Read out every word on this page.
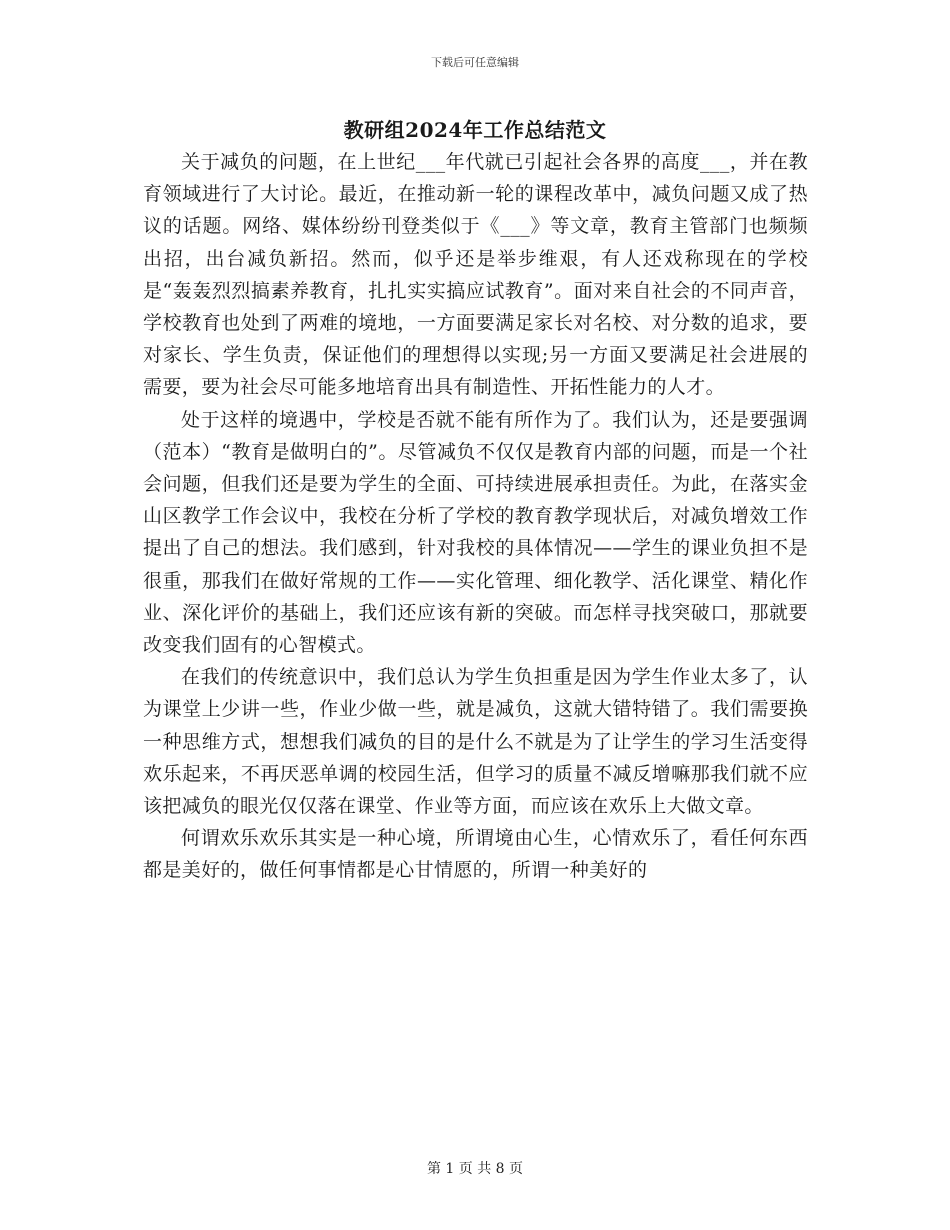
下载后可任意编辑
教研组2024年工作总结范文

关于减负的问题，在上世纪___年代就已引起社会各界的高度___，并在教育领域进行了大讨论。最近，在推动新一轮的课程改革中，减负问题又成了热议的话题。网络、媒体纷纷刊登类似于《___》等文章，教育主管部门也频频出招，出台减负新招。然而，似乎还是举步维艰，有人还戏称现在的学校是“轰轰烈烈搞素养教育，扎扎实实搞应试教育”。面对来自社会的不同声音，学校教育也处到了两难的境地，一方面要满足家长对名校、对分数的追求，要对家长、学生负责，保证他们的理想得以实现;另一方面又要满足社会进展的需要，要为社会尽可能多地培育出具有制造性、开拓性能力的人才。

处于这样的境遇中，学校是否就不能有所作为了。我们认为，还是要强调（范本）“教育是做明白的”。尽管减负不仅仅是教育内部的问题，而是一个社会问题，但我们还是要为学生的全面、可持续进展承担责任。为此，在落实金山区教学工作会议中，我校在分析了学校的教育教学现状后，对减负增效工作提出了自己的想法。我们感到，针对我校的具体情况——学生的课业负担不是很重，那我们在做好常规的工作——实化管理、细化教学、活化课堂、精化作业、深化评价的基础上，我们还应该有新的突破。而怎样寻找突破口，那就要改变我们固有的心智模式。

在我们的传统意识中，我们总认为学生负担重是因为学生作业太多了，认为课堂上少讲一些，作业少做一些，就是减负，这就大错特错了。我们需要换一种思维方式，想想我们减负的目的是什么不就是为了让学生的学习生活变得欢乐起来，不再厌恶单调的校园生活，但学习的质量不减反增嘛那我们就不应该把减负的眼光仅仅落在课堂、作业等方面，而应该在欢乐上大做文章。

何谓欢乐欢乐其实是一种心境，所谓境由心生，心情欢乐了，看任何东西都是美好的，做任何事情都是心甘情愿的，所谓一种美好的

第 1 页 共 8 页
